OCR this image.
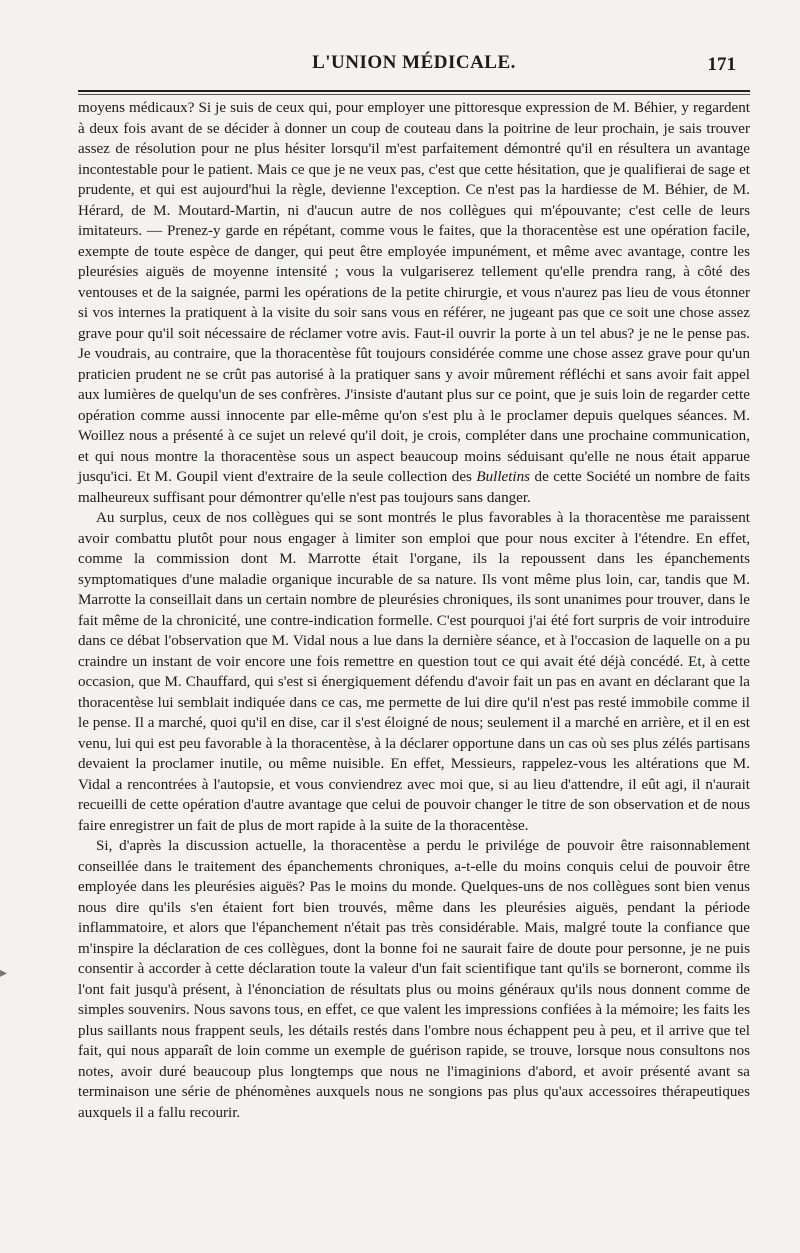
L'UNION MÉDICALE.	171

moyens médicaux? Si je suis de ceux qui, pour employer une pittoresque expression de M. Béhier, y regardent à deux fois avant de se décider à donner un coup de couteau dans la poitrine de leur prochain, je sais trouver assez de résolution pour ne plus hésiter lorsqu'il m'est parfaitement démontré qu'il en résultera un avantage incontestable pour le patient. Mais ce que je ne veux pas, c'est que cette hésitation, que je qualifierai de sage et prudente, et qui est aujourd'hui la règle, devienne l'exception. Ce n'est pas la hardiesse de M. Béhier, de M. Hérard, de M. Moutard-Martin, ni d'aucun autre de nos collègues qui m'épouvante; c'est celle de leurs imitateurs. — Prenez-y garde en répétant, comme vous le faites, que la thoracentèse est une opération facile, exempte de toute espèce de danger, qui peut être employée impunément, et même avec avantage, contre les pleurésies aiguës de moyenne intensité ; vous la vulgariserez tellement qu'elle prendra rang, à côté des ventouses et de la saignée, parmi les opérations de la petite chirurgie, et vous n'aurez pas lieu de vous étonner si vos internes la pratiquent à la visite du soir sans vous en référer, ne jugeant pas que ce soit une chose assez grave pour qu'il soit nécessaire de réclamer votre avis. Faut-il ouvrir la porte à un tel abus? je ne le pense pas. Je voudrais, au contraire, que la thoracentèse fût toujours considérée comme une chose assez grave pour qu'un praticien prudent ne se crût pas autorisé à la pratiquer sans y avoir mûrement réfléchi et sans avoir fait appel aux lumières de quelqu'un de ses confrères. J'insiste d'autant plus sur ce point, que je suis loin de regarder cette opération comme aussi innocente par elle-même qu'on s'est plu à le proclamer depuis quelques séances. M. Woillez nous a présenté à ce sujet un relevé qu'il doit, je crois, compléter dans une prochaine communication, et qui nous montre la thoracentèse sous un aspect beaucoup moins séduisant qu'elle ne nous était apparue jusqu'ici. Et M. Goupil vient d'extraire de la seule collection des Bulletins de cette Société un nombre de faits malheureux suffisant pour démontrer qu'elle n'est pas toujours sans danger.

Au surplus, ceux de nos collègues qui se sont montrés le plus favorables à la thoracentèse me paraissent avoir combattu plutôt pour nous engager à limiter son emploi que pour nous exciter à l'étendre. En effet, comme la commission dont M. Marrotte était l'organe, ils la repoussent dans les épanchements symptomatiques d'une maladie organique incurable de sa nature. Ils vont même plus loin, car, tandis que M. Marrotte la conseillait dans un certain nombre de pleurésies chroniques, ils sont unanimes pour trouver, dans le fait même de la chronicité, une contre-indication formelle. C'est pourquoi j'ai été fort surpris de voir introduire dans ce débat l'observation que M. Vidal nous a lue dans la dernière séance, et à l'occasion de laquelle on a pu craindre un instant de voir encore une fois remettre en question tout ce qui avait été déjà concédé. Et, à cette occasion, que M. Chauffard, qui s'est si énergiquement défendu d'avoir fait un pas en avant en déclarant que la thoracentèse lui semblait indiquée dans ce cas, me permette de lui dire qu'il n'est pas resté immobile comme il le pense. Il a marché, quoi qu'il en dise, car il s'est éloigné de nous; seulement il a marché en arrière, et il en est venu, lui qui est peu favorable à la thoracentèse, à la déclarer opportune dans un cas où ses plus zélés partisans devaient la proclamer inutile, ou même nuisible. En effet, Messieurs, rappelez-vous les altérations que M. Vidal a rencontrées à l'autopsie, et vous conviendrez avec moi que, si au lieu d'attendre, il eût agi, il n'aurait recueilli de cette opération d'autre avantage que celui de pouvoir changer le titre de son observation et de nous faire enregistrer un fait de plus de mort rapide à la suite de la thoracentèse.

Si, d'après la discussion actuelle, la thoracentèse a perdu le privilége de pouvoir être raisonnablement conseillée dans le traitement des épanchements chroniques, a-t-elle du moins conquis celui de pouvoir être employée dans les pleurésies aiguës? Pas le moins du monde. Quelques-uns de nos collègues sont bien venus nous dire qu'ils s'en étaient fort bien trouvés, même dans les pleurésies aiguës, pendant la période inflammatoire, et alors que l'épanchement n'était pas très considérable. Mais, malgré toute la confiance que m'inspire la déclaration de ces collègues, dont la bonne foi ne saurait faire de doute pour personne, je ne puis consentir à accorder à cette déclaration toute la valeur d'un fait scientifique tant qu'ils se borneront, comme ils l'ont fait jusqu'à présent, à l'énonciation de résultats plus ou moins généraux qu'ils nous donnent comme de simples souvenirs. Nous savons tous, en effet, ce que valent les impressions confiées à la mémoire; les faits les plus saillants nous frappent seuls, les détails restés dans l'ombre nous échappent peu à peu, et il arrive que tel fait, qui nous apparaît de loin comme un exemple de guérison rapide, se trouve, lorsque nous consultons nos notes, avoir duré beaucoup plus longtemps que nous ne l'imaginions d'abord, et avoir présenté avant sa terminaison une série de phénomènes auxquels nous ne songions pas plus qu'aux accessoires thérapeutiques auxquels il a fallu recourir.

▸
